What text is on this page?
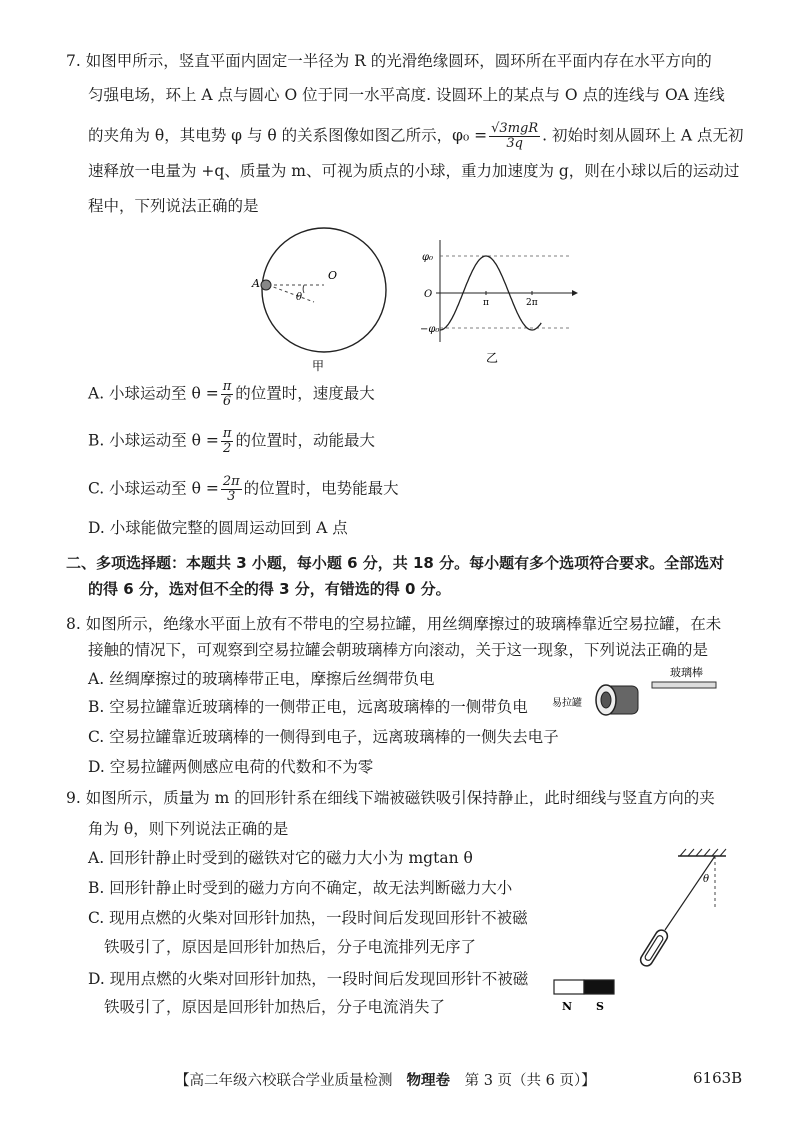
7. 如图甲所示，竖直平面内固定一半径为 R 的光滑绝缘圆环，圆环所在平面内存在水平方向的
匀强电场，环上 A 点与圆心 O 位于同一水平高度. 设圆环上的某点与 O 点的连线与 OA 连线
的夹角为 θ，其电势 φ 与 θ 的关系图像如图乙所示，$\varphi_0 = \frac{\text{√3mgR}}{3q}$ . 初始时刻从圆环上 A 点无初
速释放一电量为 +q、质量为 m、可视为质点的小球，重力加速度为 g，则在小球以后的运动过
程中，下列说法正确的是
A
O
θ
甲
φ₀
O
−φ₀
π	2π
乙
A. 小球运动至 $\theta = \frac{\pi}{6}$ 的位置时，速度最大
B. 小球运动至 $\theta = \frac{\pi}{2}$ 的位置时，动能最大
C. 小球运动至 $\theta = \frac{2\pi}{3}$ 的位置时，电势能最大
D. 小球能做完整的圆周运动回到 A 点
二、多项选择题：本题共 3 小题，每小题 6 分，共 18 分。每小题有多个选项符合要求。全部选对
的得 6 分，选对但不全的得 3 分，有错选的得 0 分。
8. 如图所示，绝缘水平面上放有不带电的空易拉罐，用丝绸摩擦过的玻璃棒靠近空易拉罐，在未
接触的情况下，可观察到空易拉罐会朝玻璃棒方向滚动，关于这一现象，下列说法正确的是
A. 丝绸摩擦过的玻璃棒带正电，摩擦后丝绸带负电
B. 空易拉罐靠近玻璃棒的一侧带正电，远离玻璃棒的一侧带负电
C. 空易拉罐靠近玻璃棒的一侧得到电子，远离玻璃棒的一侧失去电子
D. 空易拉罐两侧感应电荷的代数和不为零
玻璃棒
易拉罐
9. 如图所示，质量为 m 的回形针系在细线下端被磁铁吸引保持静止，此时细线与竖直方向的夹
角为 θ，则下列说法正确的是
A. 回形针静止时受到的磁铁对它的磁力大小为 mgtan θ
B. 回形针静止时受到的磁力方向不确定，故无法判断磁力大小
C. 现用点燃的火柴对回形针加热，一段时间后发现回形针不被磁
铁吸引了，原因是回形针加热后，分子电流排列无序了
D. 现用点燃的火柴对回形针加热，一段时间后发现回形针不被磁
铁吸引了，原因是回形针加热后，分子电流消失了
θ
N S
【高二年级六校联合学业质量检测 物理卷 第 3 页（共 6 页）】	6163B
